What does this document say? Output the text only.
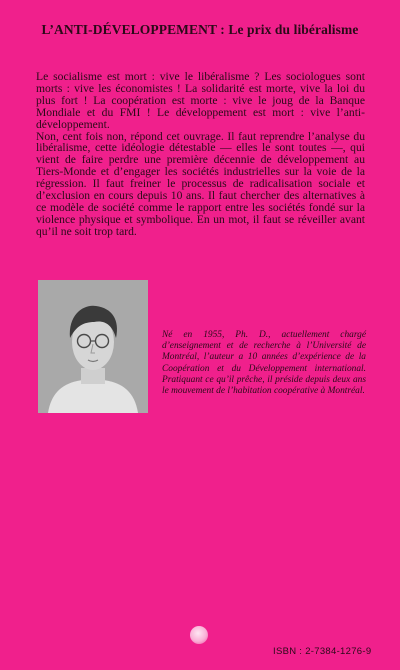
L’ANTI-DÉVELOPPEMENT : Le prix du libéralisme

Le socialisme est mort : vive le libéralisme ? Les sociologues sont morts : vive les économistes ! La solidarité est morte, vive la loi du plus fort ! La coopération est morte : vive le joug de la Banque Mondiale et du FMI ! Le développement est mort : vive l’anti-développement.

Non, cent fois non, répond cet ouvrage. Il faut reprendre l’analyse du libéralisme, cette idéologie détestable — elles le sont toutes —, qui vient de faire perdre une première décennie de développement au Tiers-Monde et d’engager les sociétés industrielles sur la voie de la régression. Il faut freiner le processus de radicalisation sociale et d’exclusion en cours depuis 10 ans. Il faut chercher des alternatives à ce modèle de société comme le rapport entre les sociétés fondé sur la violence physique et symbolique. En un mot, il faut se réveiller avant qu’il ne soit trop tard.

Né en 1955, Ph. D., actuellement chargé d’enseignement et de recherche à l’Université de Montréal, l’auteur a 10 années d’expérience de la Coopération et du Développement international. Pratiquant ce qu’il prêche, il préside depuis deux ans le mouvement de l’habitation coopérative à Montréal.

ISBN : 2-7384-1276-9
